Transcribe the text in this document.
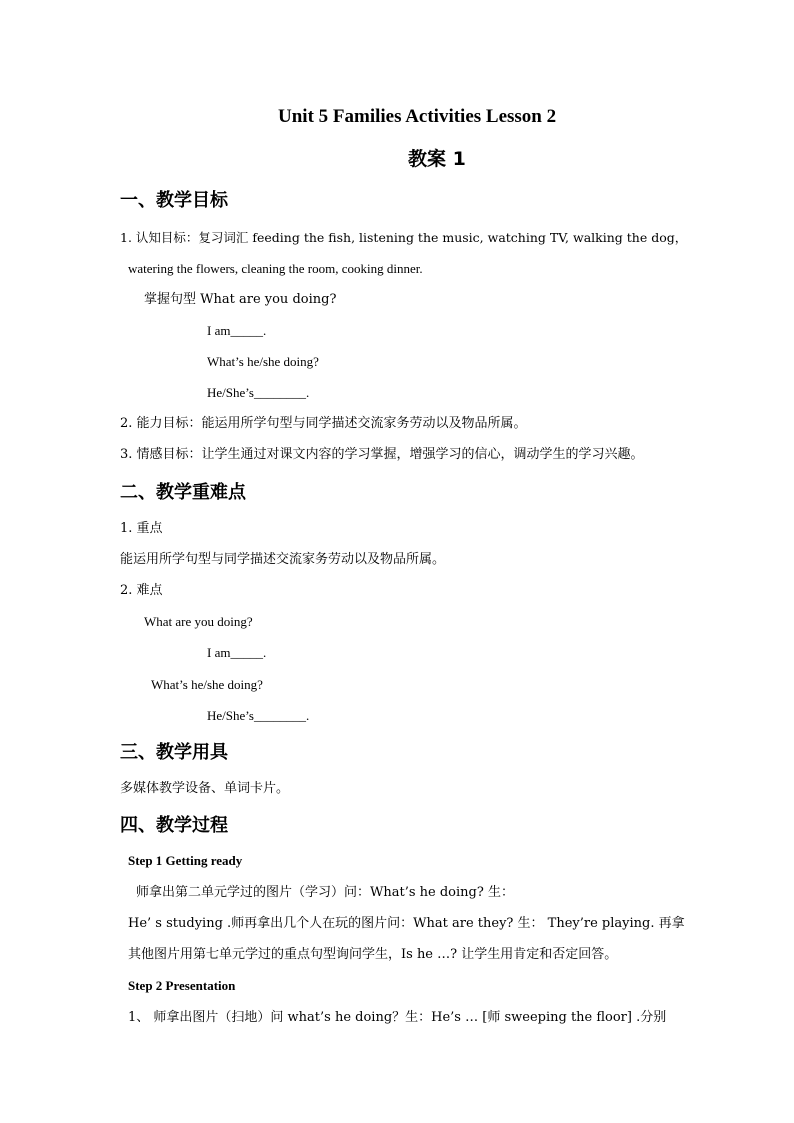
Unit 5 Families Activities Lesson 2
教案 1
一、教学目标
1. 认知目标：复习词汇 feeding the fish, listening the music, watching TV, walking the dog，
watering the flowers, cleaning the room, cooking dinner.
掌握句型 What are you doing?
I am_____.
What’s he/she doing?
He/She’s________.
2. 能力目标：能运用所学句型与同学描述交流家务劳动以及物品所属。
3. 情感目标：让学生通过对课文内容的学习掌握，增强学习的信心，调动学生的学习兴趣。
二、教学重难点
1. 重点
能运用所学句型与同学描述交流家务劳动以及物品所属。
2. 难点
What are you doing?
I am_____.
What’s he/she doing?
He/She’s________.
三、教学用具
多媒体教学设备、单词卡片。
四、教学过程
Step 1 Getting ready
师拿出第二单元学过的图片（学习）问：What’s he doing? 生：
He’ s studying .师再拿出几个人在玩的图片问：What are they? 生： They’re playing. 再拿
其他图片用第七单元学过的重点句型询问学生，Is he …? 让学生用肯定和否定回答。
Step 2 Presentation
1、 师拿出图片（扫地）问 what’s he doing？生：He’s … [师 sweeping the floor] .分别
